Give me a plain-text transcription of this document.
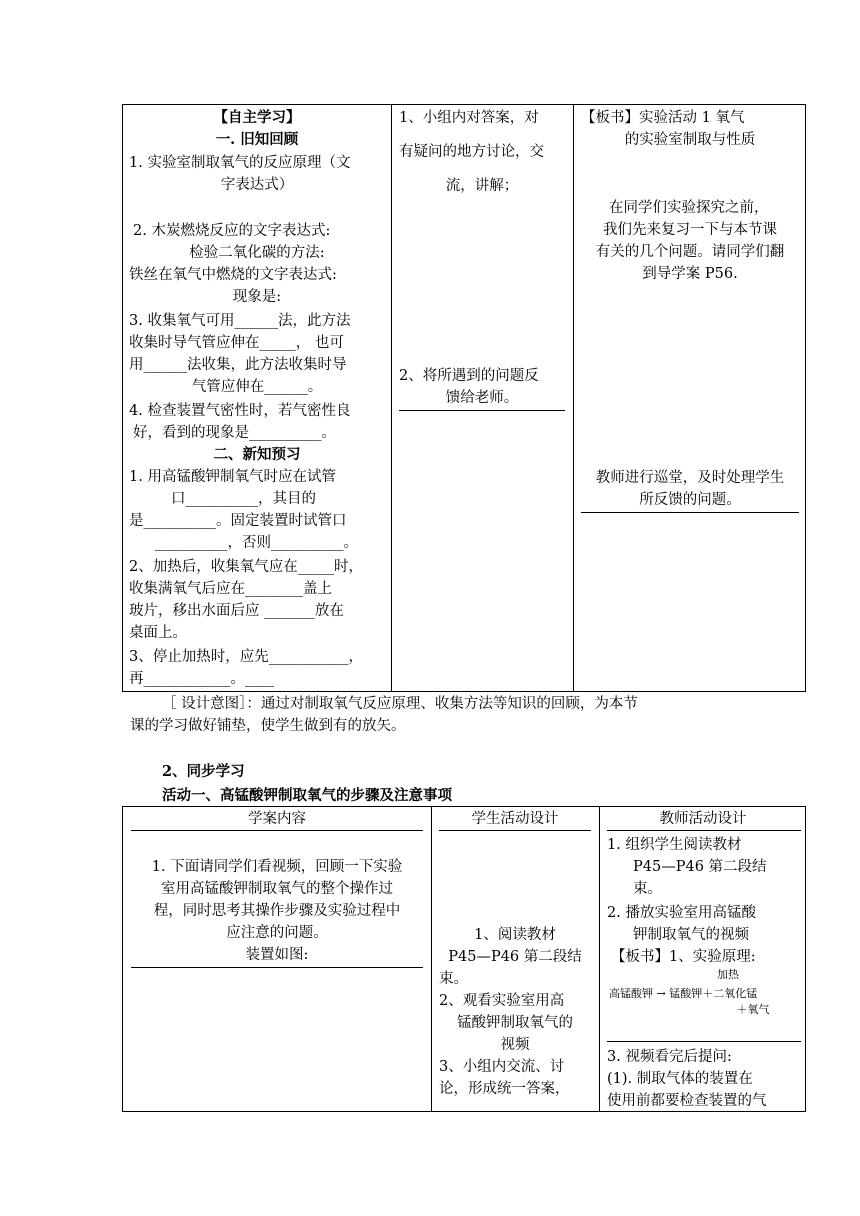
【自主学习】
一. 旧知回顾
1. 实验室制取氧气的反应原理（文
字表达式）
2. 木炭燃烧反应的文字表达式:
检验二氧化碳的方法:
铁丝在氧气中燃烧的文字表达式:
现象是:
3. 收集氧气可用______法，此方法
收集时导气管应伸在_____， 也可
用______法收集，此方法收集时导
气管应伸在______。
4. 检查装置气密性时，若气密性良
好，看到的现象是__________。
二、新知预习
1. 用高锰酸钾制氧气时应在试管
口__________，其目的
是__________。固定装置时试管口
__________，否则__________。
2、加热后，收集氧气应在_____时，
收集满氧气后应在________盖上
玻片，移出水面后应 _______放在
桌面上。
3、停止加热时，应先___________，
再____________。____
1、小组内对答案，对
有疑问的地方讨论，交
流，讲解；
2、将所遇到的问题反
馈给老师。
【板书】实验活动 1 氧气
的实验室制取与性质
在同学们实验探究之前，
我们先来复习一下与本节课
有关的几个问题。请同学们翻
到导学案 P56.
教师进行巡堂，及时处理学生
所反馈的问题。
［ 设计意图］：通过对制取氧气反应原理、收集方法等知识的回顾，为本节
课的学习做好铺垫，使学生做到有的放矢。
2、同步学习
活动一、高锰酸钾制取氧气的步骤及注意事项
学案内容	学生活动设计	教师活动设计
1. 下面请同学们看视频，回顾一下实验
室用高锰酸钾制取氧气的整个操作过
程，同时思考其操作步骤及实验过程中
应注意的问题。
装置如图:
1、阅读教材
P45—P46 第二段结
束。
2、观看实验室用高
锰酸钾制取氧气的
视频
3、小组内交流、讨
论，形成统一答案，
1. 组织学生阅读教材
P45—P46 第二段结
束。
2. 播放实验室用高锰酸
钾制取氧气的视频
【板书】1、实验原理:
加热
高锰酸钾 → 锰酸钾＋二氧化锰
＋氧气
3. 视频看完后提问:
(1). 制取气体的装置在
使用前都要检查装置的气
